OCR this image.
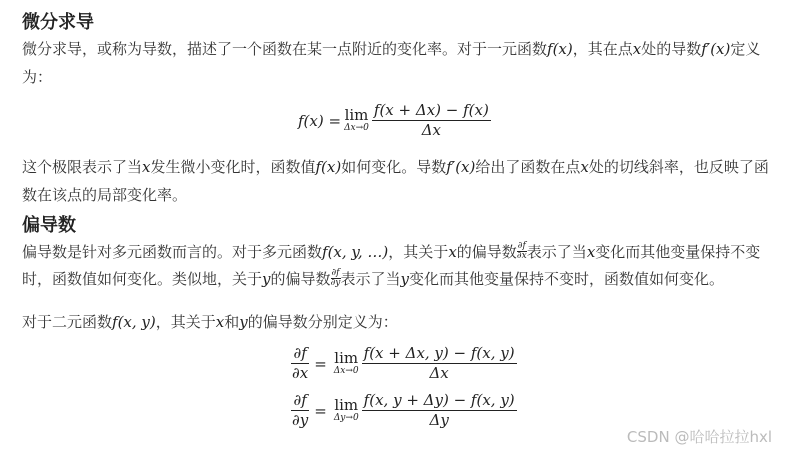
微分求导
微分求导，或称为导数，描述了一个函数在某一点附近的变化率。对于一元函数f(x)，其在点x处的导数f′(x)定义
为：
f(x) = lim
$\Delta x\to 0 \frac{f(x + \Delta x) - f(x)}{\Delta x}$
这个极限表示了当x发生微小变化时，函数值f(x)如何变化。导数f′(x)给出了函数在点x处的切线斜率，也反映了函
数在该点的局部变化率。
偏导数
偏导数是针对多元函数而言的。对于多元函数 f(x, y, …) ，其关于 x 的偏导数 $\frac{\partial f}{\partial x}$ 表示了当 x 变化而其他变量保持不变
时，函数值如何变化。类似地，关于 y 的偏导数 $\frac{\partial f}{\partial y}$ 表示了当 y 变化而其他变量保持不变时，函数值如何变化。
对于二元函数f(x, y)，其关于x和y的偏导数分别定义为：
$\frac{\partial f}{\partial x} = \lim$
$\Delta x\to 0 \frac{f(x + \Delta x, y) - f(x, y)}{\Delta x}$
$\frac{\partial f}{\partial y} = \lim$
$\Delta y\to 0 \frac{f(x, y + \Delta y) - f(x, y)}{\Delta y}$
CSDN @哈哈拉拉hxl
